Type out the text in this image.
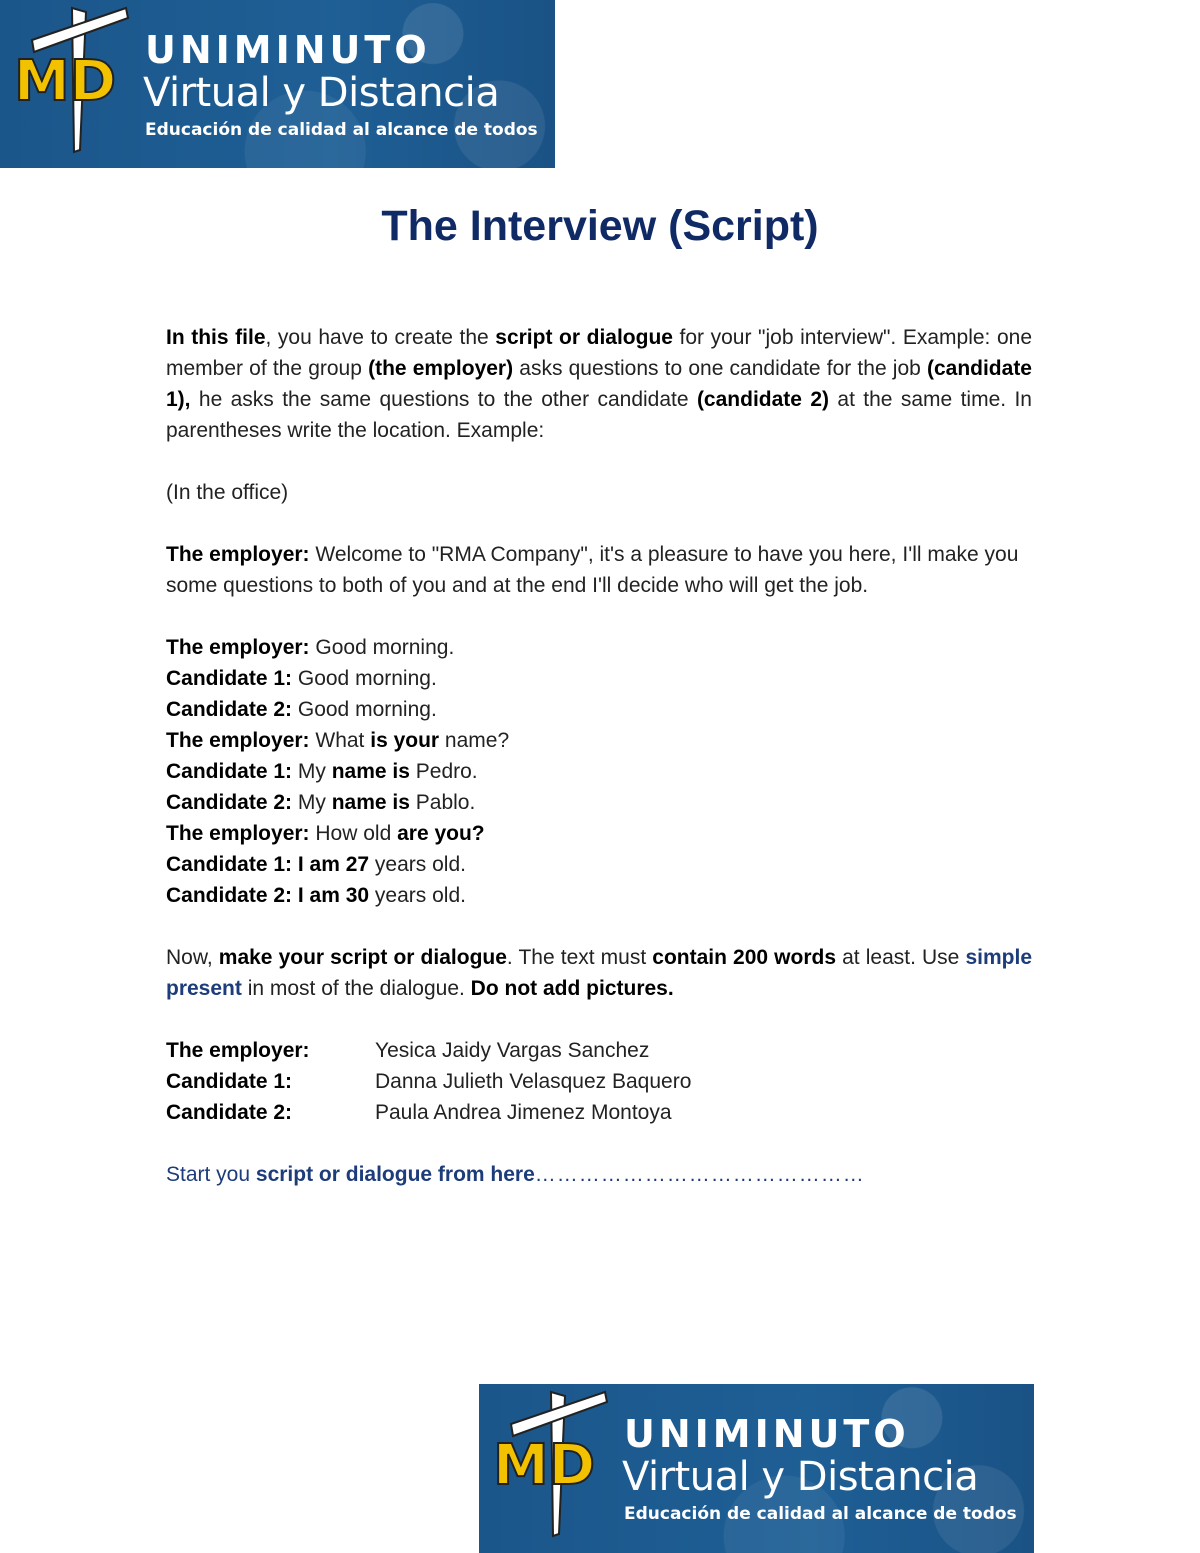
MD UNIMINUTO
Virtual y Distancia
Educación de calidad al alcance de todos
The Interview (Script)

In this file, you have to create the script or dialogue for your "job interview". Example: one member of the group (the employer) asks questions to one candidate for the job (candidate 1), he asks the same questions to the other candidate (candidate 2) at the same time. In parentheses write the location. Example:

(In the office)

The employer: Welcome to "RMA Company", it's a pleasure to have you here, I'll make you some questions to both of you and at the end I'll decide who will get the job.

The employer: Good morning.

Candidate 1: Good morning.

Candidate 2: Good morning.

The employer: What is your name?

Candidate 1: My name is Pedro.

Candidate 2: My name is Pablo.

The employer: How old are you?

Candidate 1: I am 27 years old.

Candidate 2: I am 30 years old.

Now, make your script or dialogue. The text must contain 200 words at least. Use simple present in most of the dialogue. Do not add pictures.

The employer:	Yesica Jaidy Vargas Sanchez
Candidate 1:	Danna Julieth Velasquez Baquero
Candidate 2:	Paula Andrea Jimenez Montoya

Start you script or dialogue from here………………………………………

MD UNIMINUTO
Virtual y Distancia
Educación de calidad al alcance de todos
